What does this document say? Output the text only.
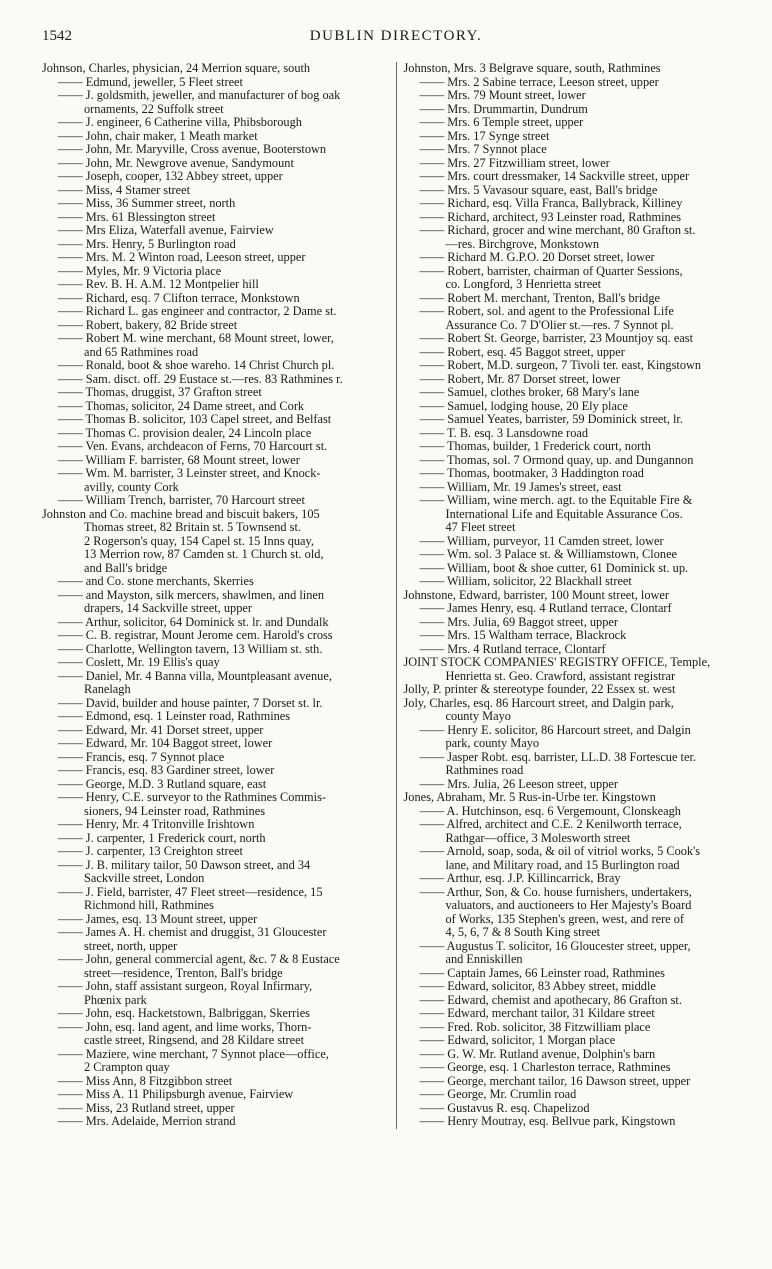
1542	DUBLIN DIRECTORY.
Johnson, Charles, physician, 24 Merrion square, south
—— Edmund, jeweller, 5 Fleet street
—— J. goldsmith, jeweller, and manufacturer of bog oak
ornaments, 22 Suffolk street
—— J. engineer, 6 Catherine villa, Phibsborough
—— John, chair maker, 1 Meath market
—— John, Mr. Maryville, Cross avenue, Booterstown
—— John, Mr. Newgrove avenue, Sandymount
—— Joseph, cooper, 132 Abbey street, upper
—— Miss, 4 Stamer street
—— Miss, 36 Summer street, north
—— Mrs. 61 Blessington street
—— Mrs Eliza, Waterfall avenue, Fairview
—— Mrs. Henry, 5 Burlington road
—— Mrs. M. 2 Winton road, Leeson street, upper
—— Myles, Mr. 9 Victoria place
—— Rev. B. H. A.M. 12 Montpelier hill
—— Richard, esq. 7 Clifton terrace, Monkstown
—— Richard L. gas engineer and contractor, 2 Dame st.
—— Robert, bakery, 82 Bride street
—— Robert M. wine merchant, 68 Mount street, lower,
and 65 Rathmines road
—— Ronald, boot & shoe wareho. 14 Christ Church pl.
—— Sam. disct. off. 29 Eustace st.—res. 83 Rathmines r.
—— Thomas, druggist, 37 Grafton street
—— Thomas, solicitor, 24 Dame street, and Cork
—— Thomas B. solicitor, 103 Capel street, and Belfast
—— Thomas C. provision dealer, 24 Lincoln place
—— Ven. Evans, archdeacon of Ferns, 70 Harcourt st.
—— William F. barrister, 68 Mount street, lower
—— Wm. M. barrister, 3 Leinster street, and Knock-
avilly, county Cork
—— William Trench, barrister, 70 Harcourt street
Johnston and Co. machine bread and biscuit bakers, 105
Thomas street, 82 Britain st. 5 Townsend st.
2 Rogerson's quay, 154 Capel st. 15 Inns quay,
13 Merrion row, 87 Camden st. 1 Church st. old,
and Ball's bridge
—— and Co. stone merchants, Skerries
—— and Mayston, silk mercers, shawlmen, and linen
drapers, 14 Sackville street, upper
—— Arthur, solicitor, 64 Dominick st. lr. and Dundalk
—— C. B. registrar, Mount Jerome cem. Harold's cross
—— Charlotte, Wellington tavern, 13 William st. sth.
—— Coslett, Mr. 19 Ellis's quay
—— Daniel, Mr. 4 Banna villa, Mountpleasant avenue,
Ranelagh
—— David, builder and house painter, 7 Dorset st. lr.
—— Edmond, esq. 1 Leinster road, Rathmines
—— Edward, Mr. 41 Dorset street, upper
—— Edward, Mr. 104 Baggot street, lower
—— Francis, esq. 7 Synnot place
—— Francis, esq. 83 Gardiner street, lower
—— George, M.D. 3 Rutland square, east
—— Henry, C.E. surveyor to the Rathmines Commis-
sioners, 94 Leinster road, Rathmines
—— Henry, Mr. 4 Tritonville Irishtown
—— J. carpenter, 1 Frederick court, north
—— J. carpenter, 13 Creighton street
—— J. B. military tailor, 50 Dawson street, and 34
Sackville street, London
—— J. Field, barrister, 47 Fleet street—residence, 15
Richmond hill, Rathmines
—— James, esq. 13 Mount street, upper
—— James A. H. chemist and druggist, 31 Gloucester
street, north, upper
—— John, general commercial agent, &c. 7 & 8 Eustace
street—residence, Trenton, Ball's bridge
—— John, staff assistant surgeon, Royal Infirmary,
Phœnix park
—— John, esq. Hacketstown, Balbriggan, Skerries
—— John, esq. land agent, and lime works, Thorn-
castle street, Ringsend, and 28 Kildare street
—— Maziere, wine merchant, 7 Synnot place—office,
2 Crampton quay
—— Miss Ann, 8 Fitzgibbon street
—— Miss A. 11 Philipsburgh avenue, Fairview
—— Miss, 23 Rutland street, upper
—— Mrs. Adelaide, Merrion strand
Johnston, Mrs. 3 Belgrave square, south, Rathmines
—— Mrs. 2 Sabine terrace, Leeson street, upper
—— Mrs. 79 Mount street, lower
—— Mrs. Drummartin, Dundrum
—— Mrs. 6 Temple street, upper
—— Mrs. 17 Synge street
—— Mrs. 7 Synnot place
—— Mrs. 27 Fitzwilliam street, lower
—— Mrs. court dressmaker, 14 Sackville street, upper
—— Mrs. 5 Vavasour square, east, Ball's bridge
—— Richard, esq. Villa Franca, Ballybrack, Killiney
—— Richard, architect, 93 Leinster road, Rathmines
—— Richard, grocer and wine merchant, 80 Grafton st.
—res. Birchgrove, Monkstown
—— Richard M. G.P.O. 20 Dorset street, lower
—— Robert, barrister, chairman of Quarter Sessions,
co. Longford, 3 Henrietta street
—— Robert M. merchant, Trenton, Ball's bridge
—— Robert, sol. and agent to the Professional Life
Assurance Co. 7 D'Olier st.—res. 7 Synnot pl.
—— Robert St. George, barrister, 23 Mountjoy sq. east
—— Robert, esq. 45 Baggot street, upper
—— Robert, M.D. surgeon, 7 Tivoli ter. east, Kingstown
—— Robert, Mr. 87 Dorset street, lower
—— Samuel, clothes broker, 68 Mary's lane
—— Samuel, lodging house, 20 Ely place
—— Samuel Yeates, barrister, 59 Dominick street, lr.
—— T. B. esq. 3 Lansdowne road
—— Thomas, builder, 1 Frederick court, north
—— Thomas, sol. 7 Ormond quay, up. and Dungannon
—— Thomas, bootmaker, 3 Haddington road
—— William, Mr. 19 James's street, east
—— William, wine merch. agt. to the Equitable Fire &
International Life and Equitable Assurance Cos.
47 Fleet street
—— William, purveyor, 11 Camden street, lower
—— Wm. sol. 3 Palace st. & Williamstown, Clonee
—— William, boot & shoe cutter, 61 Dominick st. up.
—— William, solicitor, 22 Blackhall street
Johnstone, Edward, barrister, 100 Mount street, lower
—— James Henry, esq. 4 Rutland terrace, Clontarf
—— Mrs. Julia, 69 Baggot street, upper
—— Mrs. 15 Waltham terrace, Blackrock
—— Mrs. 4 Rutland terrace, Clontarf
JOINT STOCK COMPANIES' REGISTRY OFFICE, Temple,
Henrietta st. Geo. Crawford, assistant registrar
Jolly, P. printer & stereotype founder, 22 Essex st. west
Joly, Charles, esq. 86 Harcourt street, and Dalgin park,
county Mayo
—— Henry E. solicitor, 86 Harcourt street, and Dalgin
park, county Mayo
—— Jasper Robt. esq. barrister, LL.D. 38 Fortescue ter.
Rathmines road
—— Mrs. Julia, 26 Leeson street, upper
Jones, Abraham, Mr. 5 Rus-in-Urbe ter. Kingstown
—— A. Hutchinson, esq. 6 Vergemount, Clonskeagh
—— Alfred, architect and C.E. 2 Kenilworth terrace,
Rathgar—office, 3 Molesworth street
—— Arnold, soap, soda, & oil of vitriol works, 5 Cook's
lane, and Military road, and 15 Burlington road
—— Arthur, esq. J.P. Killincarrick, Bray
—— Arthur, Son, & Co. house furnishers, undertakers,
valuators, and auctioneers to Her Majesty's Board
of Works, 135 Stephen's green, west, and rere of
4, 5, 6, 7 & 8 South King street
—— Augustus T. solicitor, 16 Gloucester street, upper,
and Enniskillen
—— Captain James, 66 Leinster road, Rathmines
—— Edward, solicitor, 83 Abbey street, middle
—— Edward, chemist and apothecary, 86 Grafton st.
—— Edward, merchant tailor, 31 Kildare street
—— Fred. Rob. solicitor, 38 Fitzwilliam place
—— Edward, solicitor, 1 Morgan place
—— G. W. Mr. Rutland avenue, Dolphin's barn
—— George, esq. 1 Charleston terrace, Rathmines
—— George, merchant tailor, 16 Dawson street, upper
—— George, Mr. Crumlin road
—— Gustavus R. esq. Chapelizod
—— Henry Moutray, esq. Bellvue park, Kingstown
